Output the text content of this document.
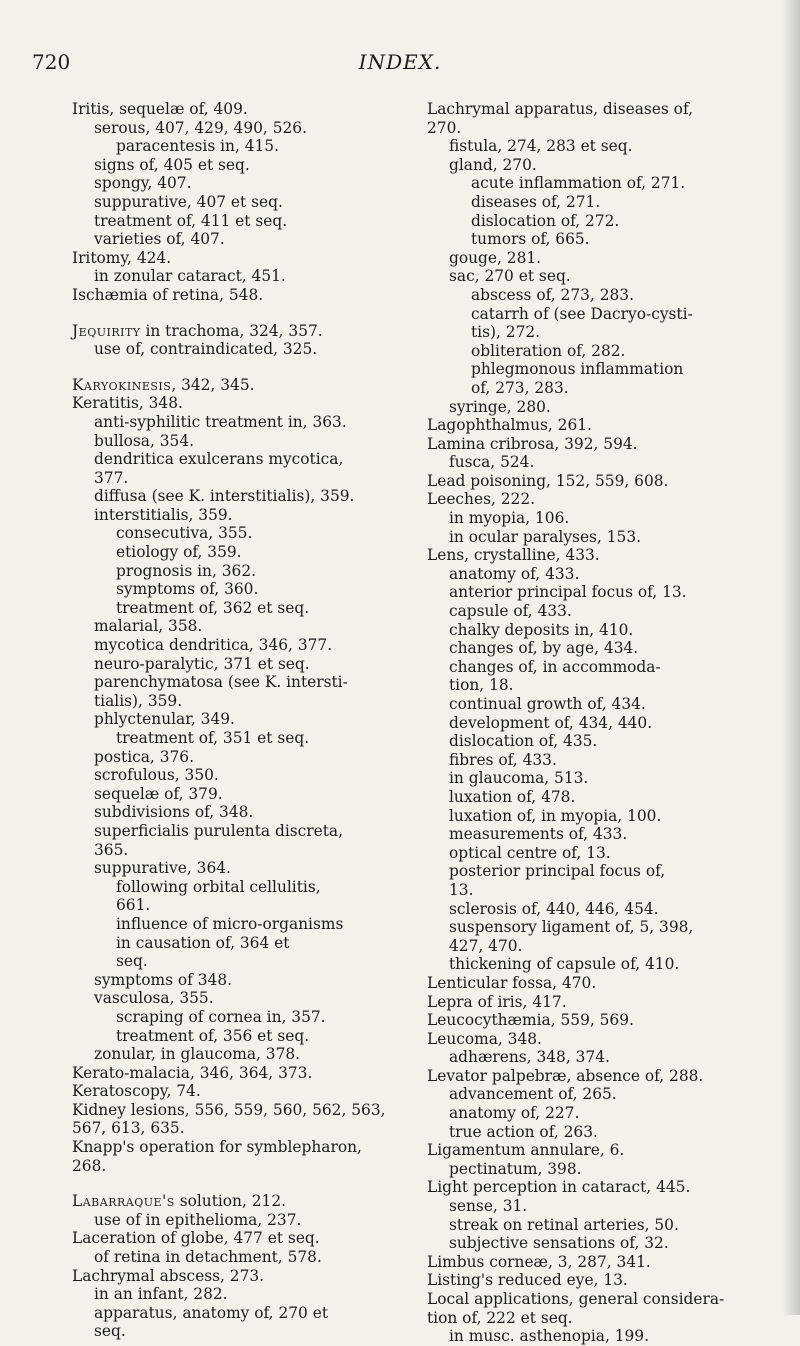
720	INDEX.
Iritis, sequelæ of, 409.
serous, 407, 429, 490, 526.
paracentesis in, 415.
signs of, 405 et seq.
spongy, 407.
suppurative, 407 et seq.
treatment of, 411 et seq.
varieties of, 407.
Iritomy, 424.
in zonular cataract, 451.
Ischæmia of retina, 548.
Jequirity in trachoma, 324, 357.
use of, contraindicated, 325.
Karyokinesis, 342, 345.
Keratitis, 348.
anti-syphilitic treatment in, 363.
bullosa, 354.
dendritica exulcerans mycotica,
377.
diffusa (see K. interstitialis), 359.
interstitialis, 359.
consecutiva, 355.
etiology of, 359.
prognosis in, 362.
symptoms of, 360.
treatment of, 362 et seq.
malarial, 358.
mycotica dendritica, 346, 377.
neuro-paralytic, 371 et seq.
parenchymatosa (see K. intersti-
tialis), 359.
phlyctenular, 349.
treatment of, 351 et seq.
postica, 376.
scrofulous, 350.
sequelæ of, 379.
subdivisions of, 348.
superficialis purulenta discreta,
365.
suppurative, 364.
following orbital cellulitis,
661.
influence of micro-organisms
in causation of, 364 et
seq.
symptoms of 348.
vasculosa, 355.
scraping of cornea in, 357.
treatment of, 356 et seq.
zonular, in glaucoma, 378.
Kerato-malacia, 346, 364, 373.
Keratoscopy, 74.
Kidney lesions, 556, 559, 560, 562, 563,
567, 613, 635.
Knapp's operation for symblepharon,
268.
Labarraque's solution, 212.
use of in epithelioma, 237.
Laceration of globe, 477 et seq.
of retina in detachment, 578.
Lachrymal abscess, 273.
in an infant, 282.
apparatus, anatomy of, 270 et
seq.
Lachrymal apparatus, diseases of,
270.
fistula, 274, 283 et seq.
gland, 270.
acute inflammation of, 271.
diseases of, 271.
dislocation of, 272.
tumors of, 665.
gouge, 281.
sac, 270 et seq.
abscess of, 273, 283.
catarrh of (see Dacryo-cysti-
tis), 272.
obliteration of, 282.
phlegmonous inflammation
of, 273, 283.
syringe, 280.
Lagophthalmus, 261.
Lamina cribrosa, 392, 594.
fusca, 524.
Lead poisoning, 152, 559, 608.
Leeches, 222.
in myopia, 106.
in ocular paralyses, 153.
Lens, crystalline, 433.
anatomy of, 433.
anterior principal focus of, 13.
capsule of, 433.
chalky deposits in, 410.
changes of, by age, 434.
changes of, in accommoda-
tion, 18.
continual growth of, 434.
development of, 434, 440.
dislocation of, 435.
fibres of, 433.
in glaucoma, 513.
luxation of, 478.
luxation of, in myopia, 100.
measurements of, 433.
optical centre of, 13.
posterior principal focus of,
13.
sclerosis of, 440, 446, 454.
suspensory ligament of, 5, 398,
427, 470.
thickening of capsule of, 410.
Lenticular fossa, 470.
Lepra of iris, 417.
Leucocythæmia, 559, 569.
Leucoma, 348.
adhærens, 348, 374.
Levator palpebræ, absence of, 288.
advancement of, 265.
anatomy of, 227.
true action of, 263.
Ligamentum annulare, 6.
pectinatum, 398.
Light perception in cataract, 445.
sense, 31.
streak on retinal arteries, 50.
subjective sensations of, 32.
Limbus corneæ, 3, 287, 341.
Listing's reduced eye, 13.
Local applications, general considera-
tion of, 222 et seq.
in musc. asthenopia, 199.
